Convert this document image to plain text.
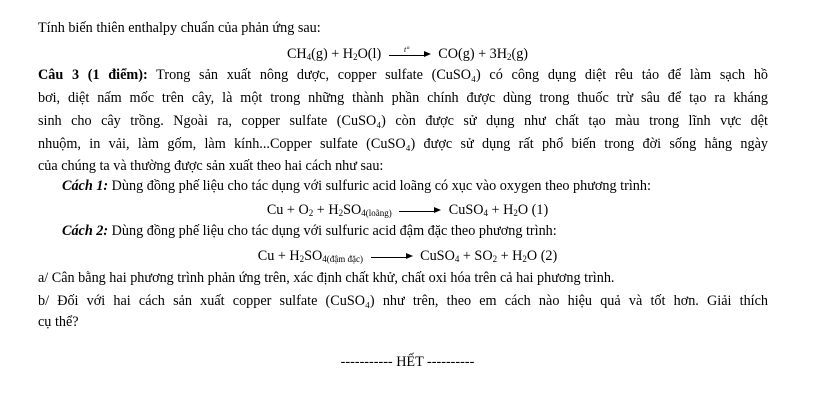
Tính biến thiên enthalpy chuẩn của phản ứng sau:
$CH_4(g) + H_2O(l)$	t°	$CO(g) + 3H_2(g)$
Câu 3 (1 điểm): Trong sản xuất nông dược, copper sulfate (CuSO₄) có công dụng diệt rêu tảo để làm sạch hồ
bơi, diệt nấm mốc trên cây, là một trong những thành phần chính được dùng trong thuốc trừ sâu để tạo ra kháng
sinh cho cây trồng. Ngoài ra, copper sulfate (CuSO₄) còn được sử dụng như chất tạo màu trong lĩnh vực dệt
nhuộm, in vải, làm gốm, làm kính...Copper sulfate (CuSO₄) được sử dụng rất phổ biến trong đời sống hằng ngày
của chúng ta và thường được sản xuất theo hai cách như sau:
Cách 1: Dùng đồng phế liệu cho tác dụng với sulfuric acid loãng có xục vào oxygen theo phương trình:
$Cu + O_2 + H_2SO_{4(loãng)}$	CuSO$_4$ + $H_2O$ (1)
Cách 2: Dùng đồng phế liệu cho tác dụng với sulfuric acid đậm đặc theo phương trình:
$Cu + H_2SO_{4(đậm đặc)}$	CuSO$_4$ + $SO_2 + H_2O$ (2)
a/ Cân bằng hai phương trình phản ứng trên, xác định chất khử, chất oxi hóa trên cả hai phương trình.
b/ Đối với hai cách sản xuất copper sulfate (CuSO₄) như trên, theo em cách nào hiệu quả và tốt hơn. Giải thích
cụ thể?
----------- HẾT ----------
